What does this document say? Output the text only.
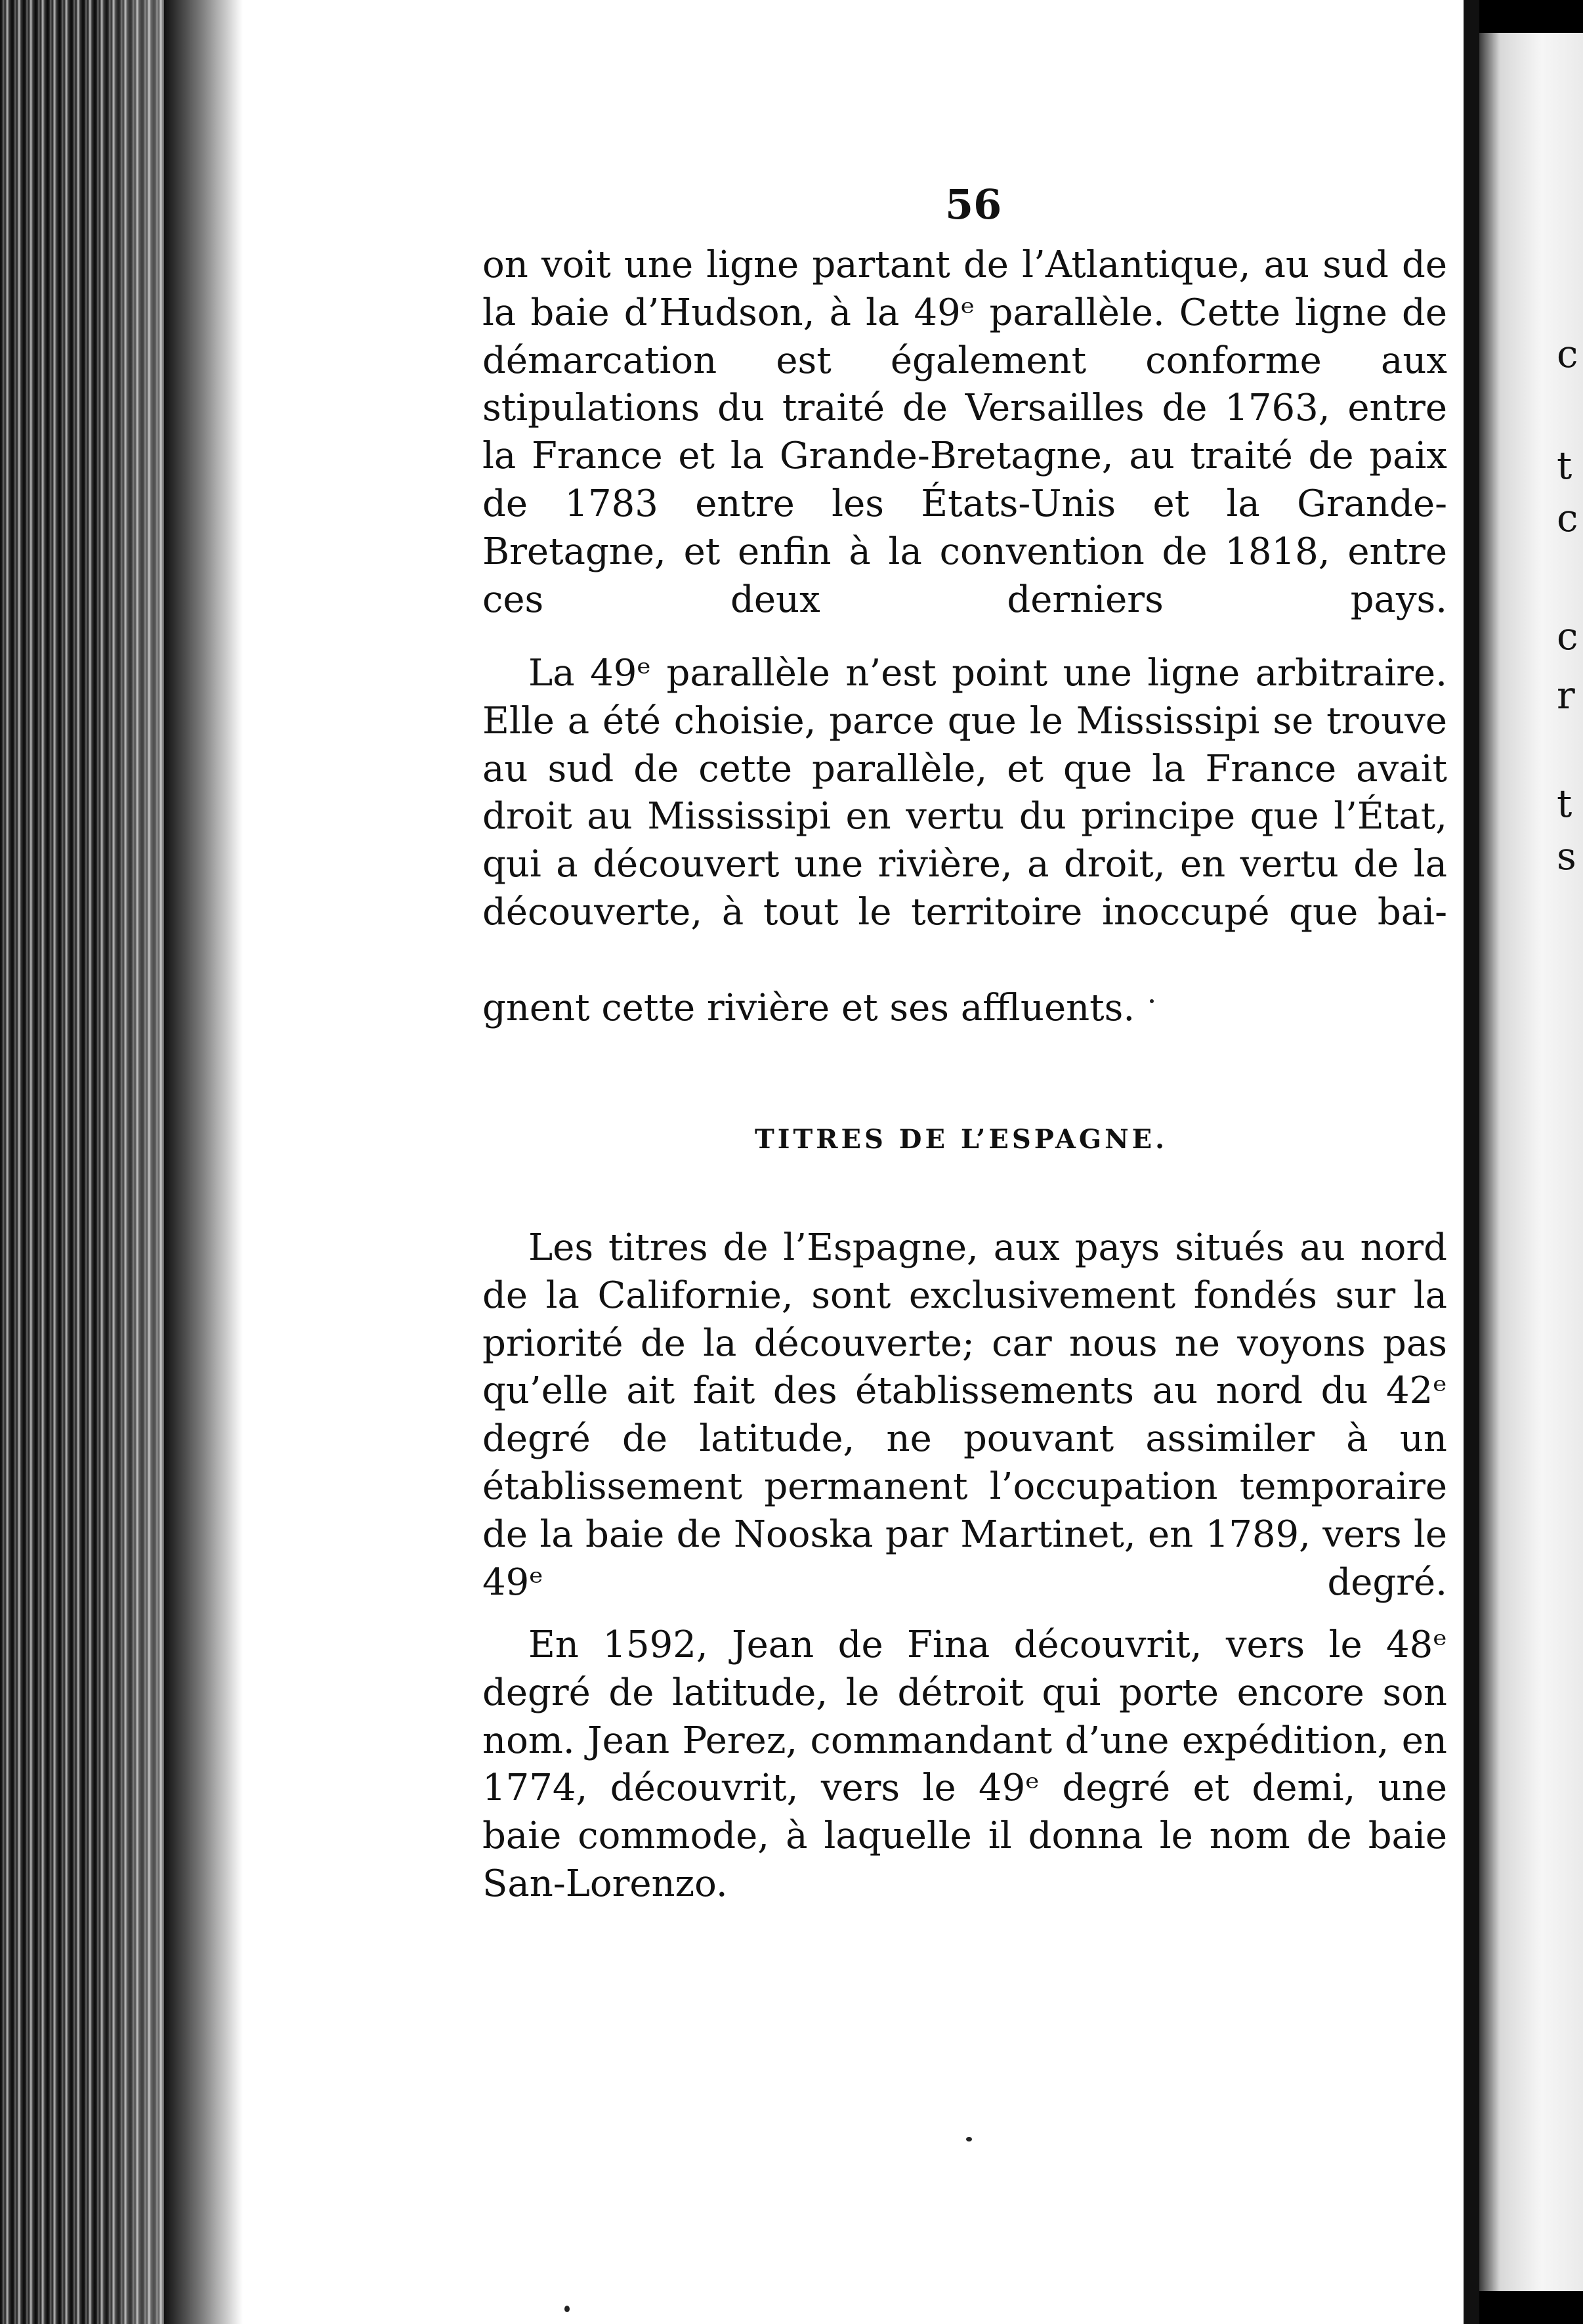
c
t
c
c
r
t
s

56

on voit une ligne partant de l’Atlantique, au sud de la baie d’Hudson, à la 49ᵉ parallèle. Cette ligne de démarcation est également conforme aux stipulations du traité de Versailles de 1763, entre la France et la Grande-Bretagne, au traité de paix de 1783 entre les États-Unis et la Grande-Bretagne, et enfin à la convention de 1818, entre ces deux derniers pays.

La 49ᵉ parallèle n’est point une ligne arbitraire. Elle a été choisie, parce que le Mississipi se trouve au sud de cette parallèle, et que la France avait droit au Mississipi en vertu du principe que l’État, qui a découvert une rivière, a droit, en vertu de la découverte, à tout le territoire inoccupé que bai-

gnent cette rivière et ses affluents.

TITRES DE L’ESPAGNE.

Les titres de l’Espagne, aux pays situés au nord de la Californie, sont exclusivement fondés sur la priorité de la découverte; car nous ne voyons pas qu’elle ait fait des établissements au nord du 42ᵉ degré de latitude, ne pouvant assimiler à un établissement permanent l’occupation temporaire de la baie de Nooska par Martinet, en 1789, vers le 49ᵉ degré.

En 1592, Jean de Fina découvrit, vers le 48ᵉ degré de latitude, le détroit qui porte encore son nom. Jean Perez, commandant d’une expédition, en 1774, découvrit, vers le 49ᵉ degré et demi, une baie commode, à laquelle il donna le nom de baie San-Lorenzo.
